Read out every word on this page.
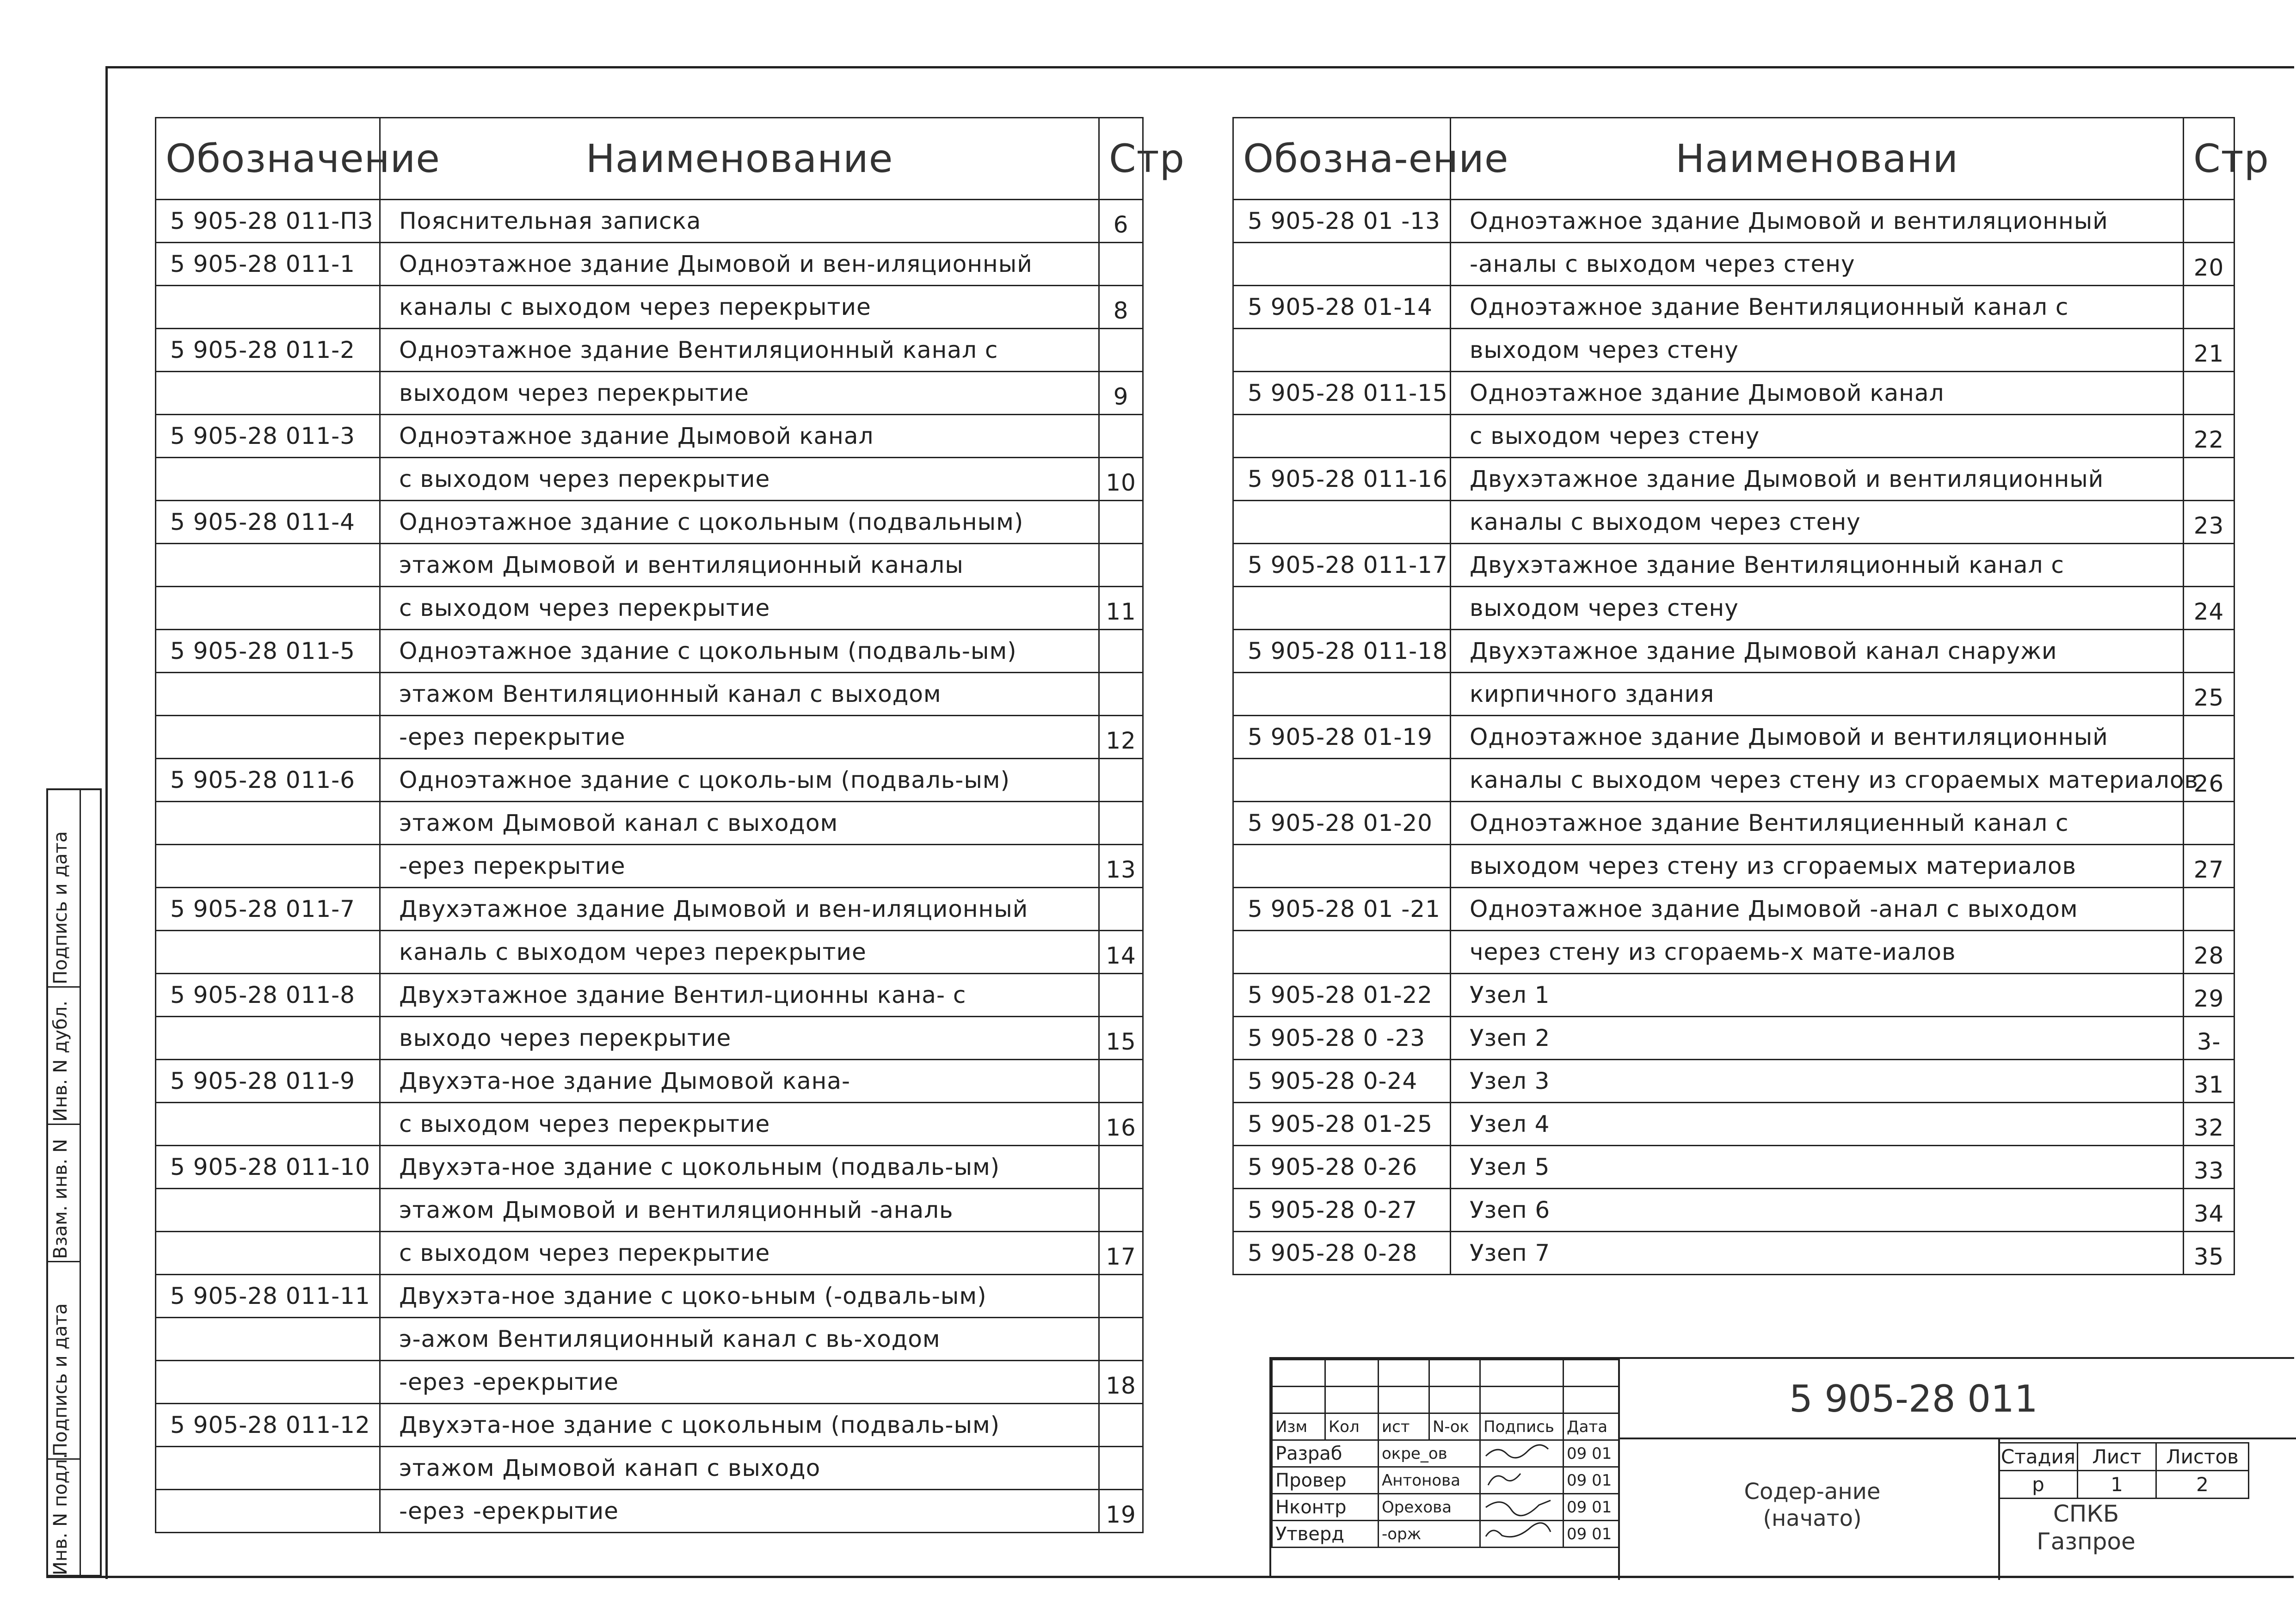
Обозначение	Наименование	Стр
5 905-28 011-ПЗ	Пояснительная записка	6
5 905-28 011-1	Одноэтажное здание Дымовой и вен-иляционный	
	каналы с выходом через перекрытие	8
5 905-28 011-2	Одноэтажное здание Вентиляционный канал с	
	выходом через перекрытие	9
5 905-28 011-3	Одноэтажное здание Дымовой канал	
	с выходом через перекрытие	10
5 905-28 011-4	Одноэтажное здание с цокольным (подвальным)	
	этажом Дымовой и вентиляционный каналы	
	с выходом через перекрытие	11
5 905-28 011-5	Одноэтажное здание с цокольным (подваль-ым)	
	этажом Вентиляционный канал с выходом	
	-ерез перекрытие	12
5 905-28 011-6	Одноэтажное здание с цоколь-ым (подваль-ым)	
	этажом Дымовой канал с выходом	
	-ерез перекрытие	13
5 905-28 011-7	Двухэтажное здание Дымовой и вен-иляционный	
	каналь с выходом через перекрытие	14
5 905-28 011-8	Двухэтажное здание Вентил-ционны кана- с	
	выходо через перекрытие	15
5 905-28 011-9	Двухэта-ное здание Дымовой кана-	
	с выходом через перекрытие	16
5 905-28 011-10	Двухэта-ное здание с цокольным (подваль-ым)	
	этажом Дымовой и вентиляционный -аналь	
	с выходом через перекрытие	17
5 905-28 011-11	Двухэта-ное здание с цоко-ьным (-одваль-ым)	
	э-ажом Вентиляционный канал с вь-ходом	
	-ерез -ерекрытие	18
5 905-28 011-12	Двухэта-ное здание с цокольным (подваль-ым)	
	этажом Дымовой канап с выходо	
	-ерез -ерекрытие	19
Обозна-ение	Наименовани	Стр
5 905-28 01 -13	Одноэтажное здание Дымовой и вентиляционный	
	-аналы с выходом через стену	20
5 905-28 01-14	Одноэтажное здание Вентиляционный канал с	
	выходом через стену	21
5 905-28 011-15	Одноэтажное здание Дымовой канал	
	с выходом через стену	22
5 905-28 011-16	Двухэтажное здание Дымовой и вентиляционный	
	каналы с выходом через стену	23
5 905-28 011-17	Двухэтажное здание Вентиляционный канал с	
	выходом через стену	24
5 905-28 011-18	Двухэтажное здание Дымовой канал снаружи	
	кирпичного здания	25
5 905-28 01-19	Одноэтажное здание Дымовой и вентиляционный	
	каналы с выходом через стену из сгораемых материалов	26
5 905-28 01-20	Одноэтажное здание Вентиляциенный канал с	
	выходом через стену из сгораемых материалов	27
5 905-28 01 -21	Одноэтажное здание Дымовой -анал с выходом	
	через стену из сгораемь-х мате-иалов	28
5 905-28 01-22	Узел 1	29
5 905-28 0 -23	Узеп 2	3-
5 905-28 0-24	Узел 3	31
5 905-28 01-25	Узел 4	32
5 905-28 0-26	Узел 5	33
5 905-28 0-27	Узеп 6	34
5 905-28 0-28	Узеп 7	35
Подпись и дата
Инв. N дубл.
Взам. инв. N
Подпись и дата
Инв. N подл.

Изм	Кол	ист	N-ок	Подпись	Дата
Разраб		окре_ов			09 01
Провер		Антонова			09 01
Нконтр		Орехова			09 01
Утверд		-орж			09 01
5 905-28 011
Содер-ание
(начато)
Стадия	Лист	Листов
р	1	2
СПКБ
Газпрое
